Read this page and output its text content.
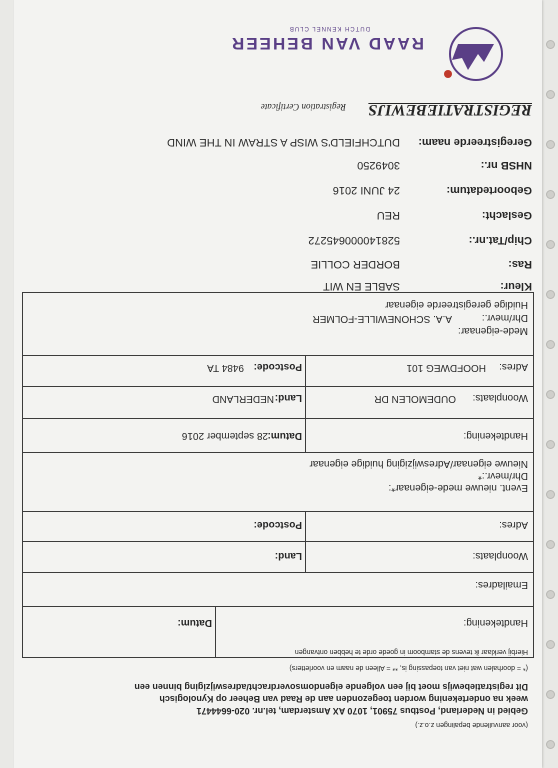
RAAD VAN BEHEER
DUTCH KENNEL CLUB
REGISTRATIEBEWIJS
Registration Certificate
Geregistreerde naam:
DUTCHFIELD'S WISP A STRAW IN THE WIND
NHSB nr.:
3049250
Geboortedatum:
24 JUNI 2016
Geslacht:
REU
Chip/Tat.nr.:
528140000645272
Ras:
BORDER COLLIE
Kleur:
SABLE EN WIT
Huidige geregistreerde eigenaar
Dhr/mevr.:
A.A. SCHONEWILLE-FOLMER
Mede-eigenaar:
Adres:
HOOFDWEG 101
Postcode:
9484 TA
Woonplaats:
OUDEMOLEN DR
Land:
NEDERLAND
Handtekening:
Datum:
28 september 2016
Nieuwe eigenaar/Adreswijziging huidige eigenaar
Dhr/mevr.:*
Event. nieuwe mede-eigenaar*:
Adres:
Postcode:
Woonplaats:
Land:
Emailadres:
Handtekening:
Datum:
Hierbij verklaar ik tevens de stamboom in goede orde te hebben ontvangen
(* = doorhalen wat niet van toepassing is, ** = Alleen de naam en voorletters)
Dit registratiebewijs moet bij een volgende eigendomsoverdracht/adreswijziging binnen een
week na ondertekening worden toegezonden aan de Raad van Beheer op Kynologisch
Gebied in Nederland, Postbus 75901, 1070 AX Amsterdam, tel.nr. 020-6644471
(voor aanvullende bepalingen z.o.z.)
